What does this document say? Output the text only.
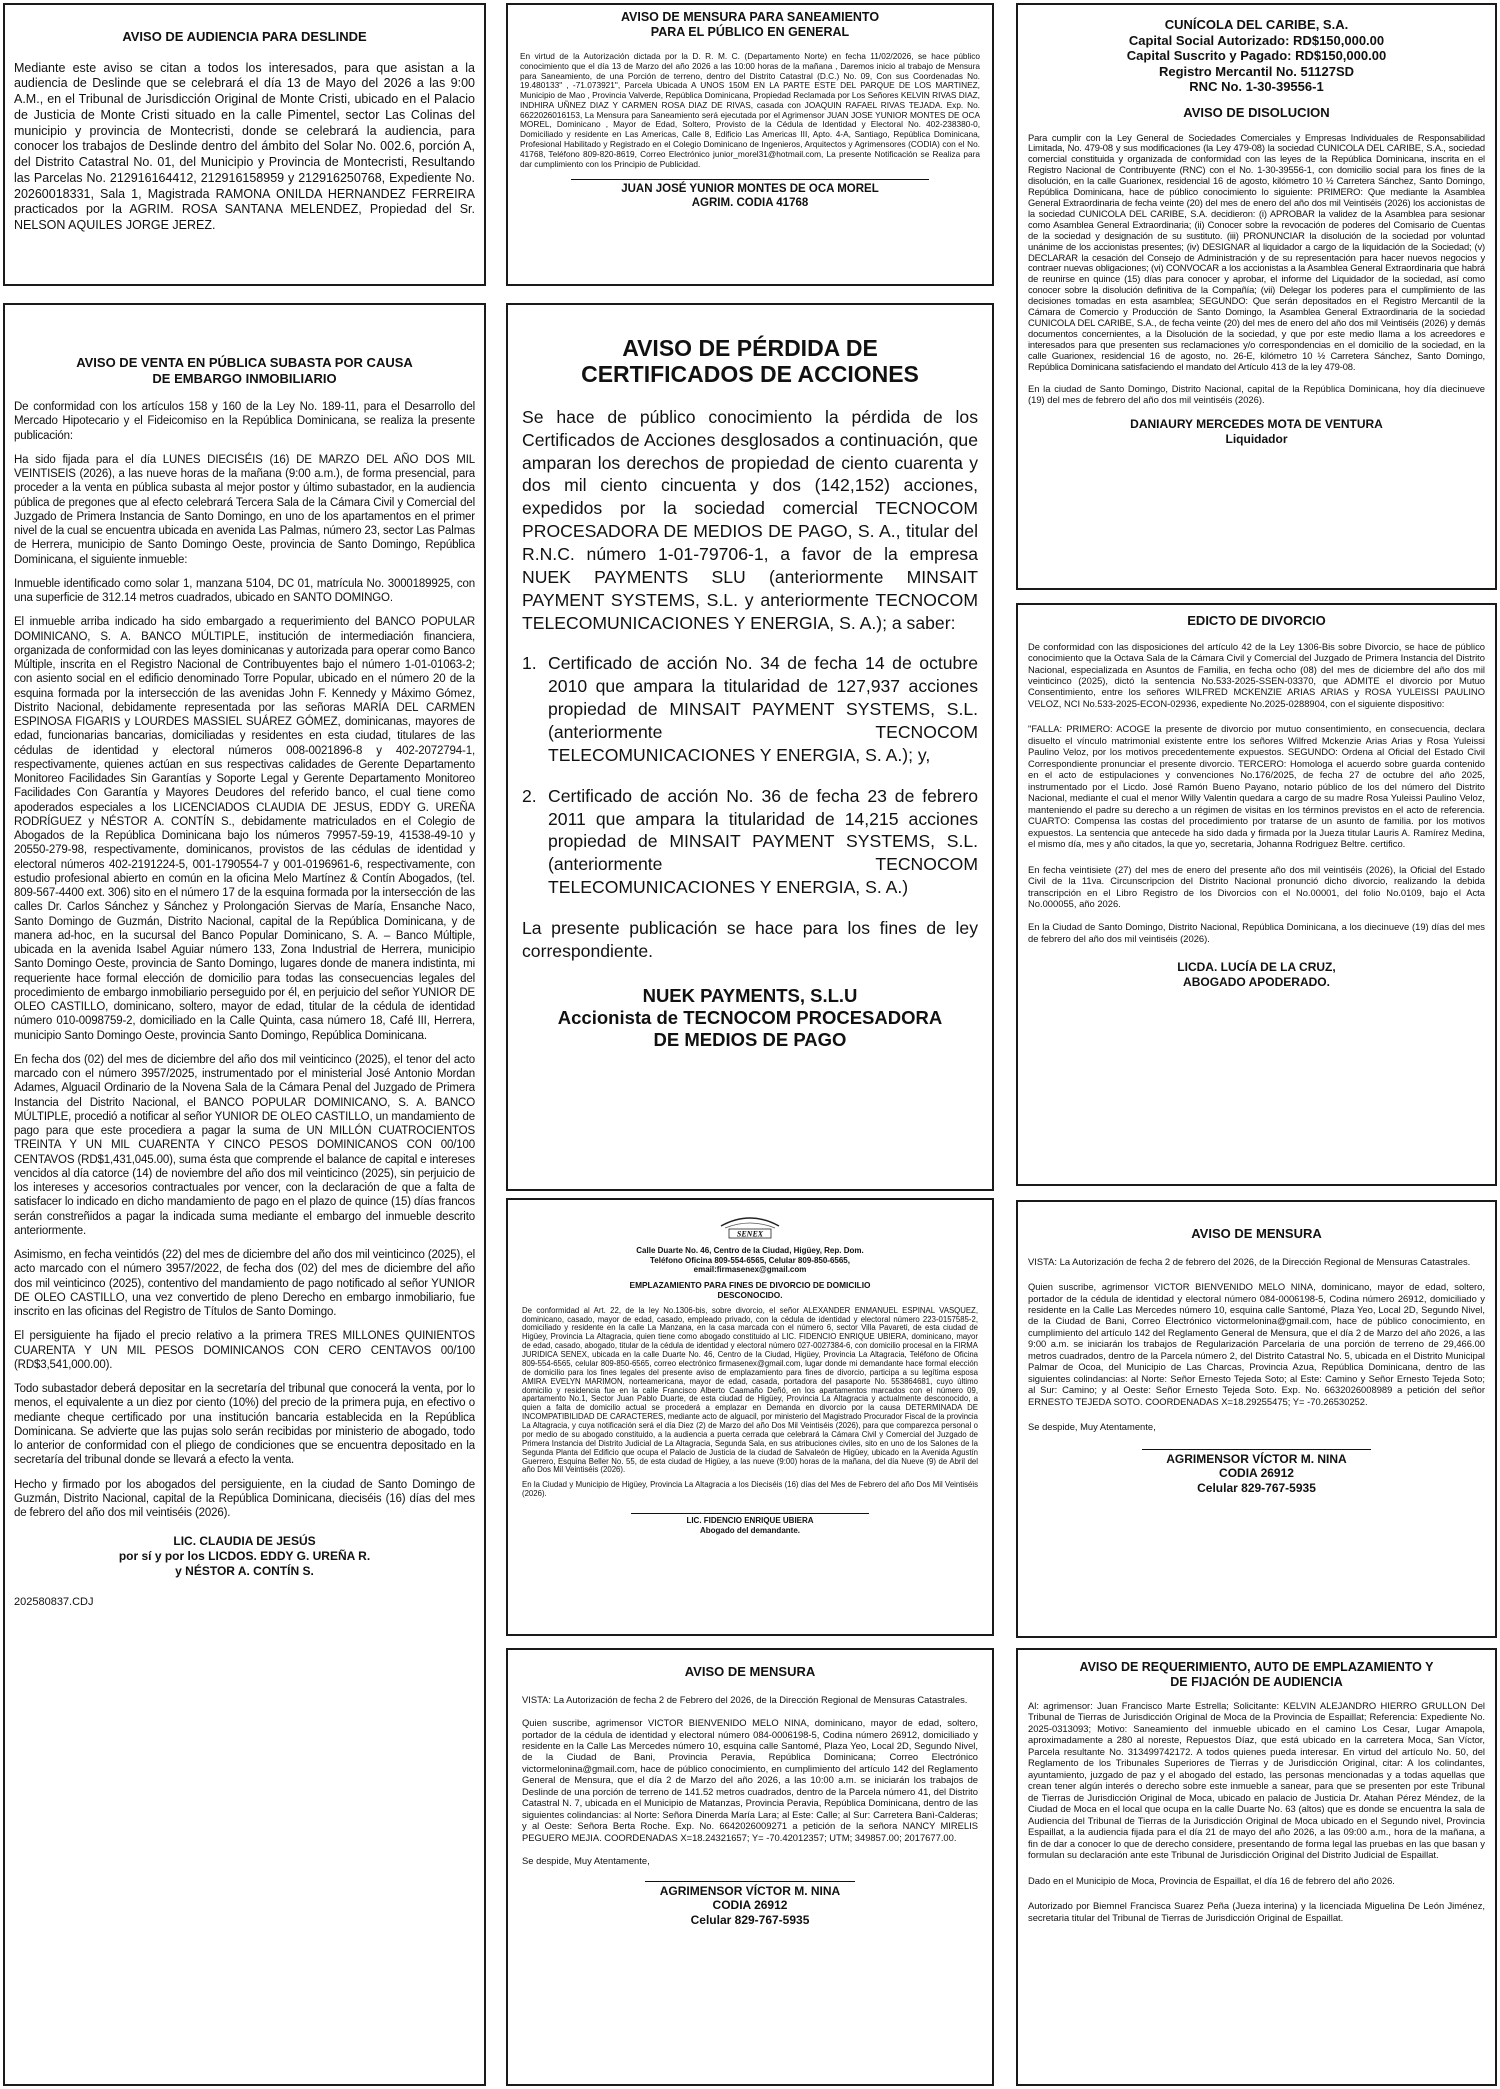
AVISO DE AUDIENCIA PARA DESLINDE
Mediante este aviso se citan a todos los interesados, para que asistan a la audiencia de Deslinde que se celebrará el día 13 de Mayo del 2026 a las 9:00 A.M., en el Tribunal de Jurisdicción Original de Monte Cristi, ubicado en el Palacio de Justicia de Monte Cristi situado en la calle Pimentel, sector Las Colinas del municipio y provincia de Montecristi, donde se celebrará la audiencia, para conocer los trabajos de Deslinde dentro del ámbito del Solar No. 002.6, porción A, del Distrito Catastral No. 01, del Municipio y Provincia de Montecristi, Resultando las Parcelas No. 212916164412, 212916158959 y 212916250768, Expediente No. 20260018331, Sala 1, Magistrada RAMONA ONILDA HERNANDEZ FERREIRA practicados por la AGRIM. ROSA SANTANA MELENDEZ, Propiedad del Sr. NELSON AQUILES JORGE JEREZ.
AVISO DE VENTA EN PÚBLICA SUBASTA POR CAUSA
DE EMBARGO INMOBILIARIO
De conformidad con los artículos 158 y 160 de la Ley No. 189-11, para el Desarrollo del Mercado Hipotecario y el Fideicomiso en la República Dominicana, se realiza la presente publicación:
Ha sido fijada para el día LUNES DIECISÉIS (16) DE MARZO DEL AÑO DOS MIL VEINTISEIS (2026), a las nueve horas de la mañana (9:00 a.m.), de forma presencial, para proceder a la venta en pública subasta al mejor postor y último subastador, en la audiencia pública de pregones que al efecto celebrará Tercera Sala de la Cámara Civil y Comercial del Juzgado de Primera Instancia de Santo Domingo, en uno de los apartamentos en el primer nivel de la cual se encuentra ubicada en avenida Las Palmas, número 23, sector Las Palmas de Herrera, municipio de Santo Domingo Oeste, provincia de Santo Domingo, República Dominicana, el siguiente inmueble:
Inmueble identificado como solar 1, manzana 5104, DC 01, matrícula No. 3000189925, con una superficie de 312.14 metros cuadrados, ubicado en SANTO DOMINGO.
El inmueble arriba indicado ha sido embargado a requerimiento del BANCO POPULAR DOMINICANO, S. A. BANCO MÚLTIPLE, institución de intermediación financiera, organizada de conformidad con las leyes dominicanas y autorizada para operar como Banco Múltiple, inscrita en el Registro Nacional de Contribuyentes bajo el número 1-01-01063-2; con asiento social en el edificio denominado Torre Popular, ubicado en el número 20 de la esquina formada por la intersección de las avenidas John F. Kennedy y Máximo Gómez, Distrito Nacional, debidamente representada por las señoras MARÍA DEL CARMEN ESPINOSA FIGARIS y LOURDES MASSIEL SUÁREZ GÓMEZ, dominicanas, mayores de edad, funcionarias bancarias, domiciliadas y residentes en esta ciudad, titulares de las cédulas de identidad y electoral números 008-0021896-8 y 402-2072794-1, respectivamente, quienes actúan en sus respectivas calidades de Gerente Departamento Monitoreo Facilidades Sin Garantías y Soporte Legal y Gerente Departamento Monitoreo Facilidades Con Garantía y Mayores Deudores del referido banco, el cual tiene como apoderados especiales a los LICENCIADOS CLAUDIA DE JESUS, EDDY G. UREÑA RODRÍGUEZ y NÉSTOR A. CONTÍN S., debidamente matriculados en el Colegio de Abogados de la República Dominicana bajo los números 79957-59-19, 41538-49-10 y 20550-279-98, respectivamente, dominicanos, provistos de las cédulas de identidad y electoral números 402-2191224-5, 001-1790554-7 y 001-0196961-6, respectivamente, con estudio profesional abierto en común en la oficina Melo Martínez & Contín Abogados, (tel. 809-567-4400 ext. 306) sito en el número 17 de la esquina formada por la intersección de las calles Dr. Carlos Sánchez y Sánchez y Prolongación Siervas de María, Ensanche Naco, Santo Domingo de Guzmán, Distrito Nacional, capital de la República Dominicana, y de manera ad-hoc, en la sucursal del Banco Popular Dominicano, S. A. – Banco Múltiple, ubicada en la avenida Isabel Aguiar número 133, Zona Industrial de Herrera, municipio Santo Domingo Oeste, provincia de Santo Domingo, lugares donde de manera indistinta, mi requeriente hace formal elección de domicilio para todas las consecuencias legales del procedimiento de embargo inmobiliario perseguido por él, en perjuicio del señor YUNIOR DE OLEO CASTILLO, dominicano, soltero, mayor de edad, titular de la cédula de identidad número 010-0098759-2, domiciliado en la Calle Quinta, casa número 18, Café III, Herrera, municipio Santo Domingo Oeste, provincia Santo Domingo, República Dominicana.
En fecha dos (02) del mes de diciembre del año dos mil veinticinco (2025), el tenor del acto marcado con el número 3957/2025, instrumentado por el ministerial José Antonio Mordan Adames, Alguacil Ordinario de la Novena Sala de la Cámara Penal del Juzgado de Primera Instancia del Distrito Nacional, el BANCO POPULAR DOMINICANO, S. A. BANCO MÚLTIPLE, procedió a notificar al señor YUNIOR DE OLEO CASTILLO, un mandamiento de pago para que este procediera a pagar la suma de UN MILLÓN CUATROCIENTOS TREINTA Y UN MIL CUARENTA Y CINCO PESOS DOMINICANOS CON 00/100 CENTAVOS (RD$1,431,045.00), suma ésta que comprende el balance de capital e intereses vencidos al día catorce (14) de noviembre del año dos mil veinticinco (2025), sin perjuicio de los intereses y accesorios contractuales por vencer, con la declaración de que a falta de satisfacer lo indicado en dicho mandamiento de pago en el plazo de quince (15) días francos serán constreñidos a pagar la indicada suma mediante el embargo del inmueble descrito anteriormente.
Asimismo, en fecha veintidós (22) del mes de diciembre del año dos mil veinticinco (2025), el acto marcado con el número 3957/2022, de fecha dos (02) del mes de diciembre del año dos mil veinticinco (2025), contentivo del mandamiento de pago notificado al señor YUNIOR DE OLEO CASTILLO, una vez convertido de pleno Derecho en embargo inmobiliario, fue inscrito en las oficinas del Registro de Títulos de Santo Domingo.
El persiguiente ha fijado el precio relativo a la primera TRES MILLONES QUINIENTOS CUARENTA Y UN MIL PESOS DOMINICANOS CON CERO CENTAVOS 00/100 (RD$3,541,000.00).
Todo subastador deberá depositar en la secretaría del tribunal que conocerá la venta, por lo menos, el equivalente a un diez por ciento (10%) del precio de la primera puja, en efectivo o mediante cheque certificado por una institución bancaria establecida en la República Dominicana. Se advierte que las pujas solo serán recibidas por ministerio de abogado, todo lo anterior de conformidad con el pliego de condiciones que se encuentra depositado en la secretaría del tribunal donde se llevará a efecto la venta.
Hecho y firmado por los abogados del persiguiente, en la ciudad de Santo Domingo de Guzmán, Distrito Nacional, capital de la República Dominicana, dieciséis (16) días del mes de febrero del año dos mil veintiséis (2026).
LIC. CLAUDIA DE JESÚS
por sí y por los LICDOS. EDDY G. UREÑA R.
y NÉSTOR A. CONTÍN S.
202580837.CDJ
AVISO DE MENSURA PARA SANEAMIENTO
PARA EL PÚBLICO EN GENERAL
En virtud de la Autorización dictada por la D. R. M. C. (Departamento Norte) en fecha 11/02/2026, se hace público conocimiento que el día 13 de Marzo del año 2026 a las 10:00 horas de la mañana , Daremos inicio al trabajo de Mensura para Saneamiento, de una Porción de terreno, dentro del Distrito Catastral (D.C.) No. 09, Con sus Coordenadas No. 19.480133" , -71.073921", Parcela Ubicada A UNOS 150M EN LA PARTE ESTE DEL PARQUE DE LOS MARTINEZ, Municipio de Mao , Provincia Valverde, República Dominicana, Propiedad Reclamada por Los Señores KELVIN RIVAS DIAZ, INDHIRA UÑNEZ DIAZ Y CARMEN ROSA DIAZ DE RIVAS, casada con JOAQUIN RAFAEL RIVAS TEJADA. Exp. No. 6622026016153, La Mensura para Saneamiento será ejecutada por el Agrimensor JUAN JOSE YUNIOR MONTES DE OCA MOREL, Dominicano , Mayor de Edad, Soltero, Provisto de la Cédula de Identidad y Electoral No. 402-238380-0, Domiciliado y residente en Las Americas, Calle 8, Edificio Las Americas III, Apto. 4-A, Santiago, República Dominicana, Profesional Habilitado y Registrado en el Colegio Dominicano de Ingenieros, Arquitectos y Agrimensores (CODIA) con el No. 41768, Teléfono 809-820-8619, Correo Electrónico junior_morel31@hotmail.com, La presente Notificación se Realiza para dar cumplimiento con los Principio de Publicidad.
JUAN JOSÉ YUNIOR MONTES DE OCA MOREL
AGRIM. CODIA 41768
AVISO DE PÉRDIDA DE
CERTIFICADOS DE ACCIONES
Se hace de público conocimiento la pérdida de los Certificados de Acciones desglosados a continuación, que amparan los derechos de propiedad de ciento cuarenta y dos mil ciento cincuenta y dos (142,152) acciones, expedidos por la sociedad comercial TECNOCOM PROCESADORA DE MEDIOS DE PAGO, S. A., titular del R.N.C. número 1-01-79706-1, a favor de la empresa NUEK PAYMENTS SLU (anteriormente MINSAIT PAYMENT SYSTEMS, S.L. y anteriormente TECNOCOM TELECOMUNICACIONES Y ENERGIA, S. A.); a saber:
1. Certificado de acción No. 34 de fecha 14 de octubre 2010 que ampara la titularidad de 127,937 acciones propiedad de MINSAIT PAYMENT SYSTEMS, S.L. (anteriormente TECNOCOM TELECOMUNICACIONES Y ENERGIA, S. A.); y,
2. Certificado de acción No. 36 de fecha 23 de febrero 2011 que ampara la titularidad de 14,215 acciones propiedad de MINSAIT PAYMENT SYSTEMS, S.L. (anteriormente TECNOCOM TELECOMUNICACIONES Y ENERGIA, S. A.)
La presente publicación se hace para los fines de ley correspondiente.
NUEK PAYMENTS, S.L.U
Accionista de TECNOCOM PROCESADORA
DE MEDIOS DE PAGO
SENEX
Calle Duarte No. 46, Centro de la Ciudad, Higüey, Rep. Dom.
Teléfono Oficina 809-554-6565, Celular 809-850-6565,
email:firmasenex@gmail.com
EMPLAZAMIENTO PARA FINES DE DIVORCIO DE DOMICILIO
DESCONOCIDO.
De conformidad al Art. 22, de la ley No.1306-bis, sobre divorcio, el señor ALEXANDER ENMANUEL ESPINAL VASQUEZ, dominicano, casado, mayor de edad, casado, empleado privado, con la cédula de identidad y electoral número 223-0157585-2, domiciliado y residente en la calle La Manzana, en la casa marcada con el número 6, sector Villa Pavareti, de esta ciudad de Higüey, Provincia La Altagracia, quien tiene como abogado constituido al LIC. FIDENCIO ENRIQUE UBIERA, dominicano, mayor de edad, casado, abogado, titular de la cédula de identidad y electoral número 027-0027384-6, con domicilio procesal en la FIRMA JURIDICA SENEX, ubicada en la calle Duarte No. 46, Centro de la Ciudad, Higüey, Provincia La Altagracia, Teléfono de Oficina 809-554-6565, celular 809-850-6565, correo electrónico firmasenex@gmail.com, lugar donde mi demandante hace formal elección de domicilio para los fines legales del presente aviso de emplazamiento para fines de divorcio, participa a su legítima esposa AMIRA EVELYN MARIMON, norteamericana, mayor de edad, casada, portadora del pasaporte No. 553864681, cuyo último domicilio y residencia fue en la calle Francisco Alberto Caamaño Deñó, en los apartamentos marcados con el número 09, apartamento No.1, Sector Juan Pablo Duarte, de esta ciudad de Higüey, Provincia La Altagracia y actualmente desconocido, a quien a falta de domicilio actual se procederá a emplazar en Demanda en divorcio por la causa DETERMINADA DE INCOMPATIBILIDAD DE CARACTERES, mediante acto de alguacil, por ministerio del Magistrado Procurador Fiscal de la provincia La Altagracia, y cuya notificación será el día Diez (2) de Marzo del año Dos Mil Veintiséis (2026), para que comparezca personal o por medio de su abogado constituido, a la audiencia a puerta cerrada que celebrará la Cámara Civil y Comercial del Juzgado de Primera Instancia del Distrito Judicial de La Altagracia, Segunda Sala, en sus atribuciones civiles, sito en uno de los Salones de la Segunda Planta del Edificio que ocupa el Palacio de Justicia de la ciudad de Salvaleón de Higüey, ubicado en la Avenida Agustín Guerrero, Esquina Beller No. 55, de esta ciudad de Higüey, a las nueve (9:00) horas de la mañana, del día Nueve (9) de Abril del año Dos Mil Veintiséis (2026).
En la Ciudad y Municipio de Higüey, Provincia La Altagracia a los Dieciséis (16) días del Mes de Febrero del año Dos Mil Veintiséis (2026).
LIC. FIDENCIO ENRIQUE UBIERA
Abogado del demandante.
AVISO DE MENSURA
VISTA: La Autorización de fecha 2 de Febrero del 2026, de la Dirección Regional de Mensuras Catastrales.
Quien suscribe, agrimensor VICTOR BIENVENIDO MELO NINA, dominicano, mayor de edad, soltero, portador de la cédula de identidad y electoral número 084-0006198-5, Codina número 26912, domiciliado y residente en la Calle Las Mercedes número 10, esquina calle Santomé, Plaza Yeo, Local 2D, Segundo Nivel, de la Ciudad de Bani, Provincia Peravia, República Dominicana; Correo Electrónico victormelonina@gmail.com, hace de público conocimiento, en cumplimiento del artículo 142 del Reglamento General de Mensura, que el día 2 de Marzo del año 2026, a las 10:00 a.m. se iniciarán los trabajos de Deslinde de una porción de terreno de 141.52 metros cuadrados, dentro de la Parcela número 41, del Distrito Catastral N. 7, ubicada en el Municipio de Matanzas, Provincia Peravia, República Dominicana, dentro de las siguientes colindancias: al Norte: Señora Dinerda María Lara; al Este: Calle; al Sur: Carretera Banì-Calderas; y al Oeste: Señora Berta Roche. Exp. No. 6642026009271 a petición de la señora NANCY MIRELIS PEGUERO MEJIA. COORDENADAS X=18.24321657; Y= -70.42012357; UTM; 349857.00; 2017677.00.
Se despide, Muy Atentamente,
AGRIMENSOR VÍCTOR M. NINA
CODIA 26912
Celular 829-767-5935
CUNÍCOLA DEL CARIBE, S.A.
Capital Social Autorizado: RD$150,000.00
Capital Suscrito y Pagado: RD$150,000.00
Registro Mercantil No. 51127SD
RNC No. 1-30-39556-1
AVISO DE DISOLUCION
Para cumplir con la Ley General de Sociedades Comerciales y Empresas Individuales de Responsabilidad Limitada, No. 479-08 y sus modificaciones (la Ley 479-08) la sociedad CUNICOLA DEL CARIBE, S.A., sociedad comercial constituida y organizada de conformidad con las leyes de la República Dominicana, inscrita en el Registro Nacional de Contribuyente (RNC) con el No. 1-30-39556-1, con domicilio social para los fines de la disolución, en la calle Guarionex, residencial 16 de agosto, kilómetro 10 ½ Carretera Sánchez, Santo Domingo, República Dominicana, hace de público conocimiento lo siguiente: PRIMERO: Que mediante la Asamblea General Extraordinaria de fecha veinte (20) del mes de enero del año dos mil Veintiséis (2026) los accionistas de la sociedad CUNICOLA DEL CARIBE, S.A. decidieron: (i) APROBAR la validez de la Asamblea para sesionar como Asamblea General Extraordinaria; (ii) Conocer sobre la revocación de poderes del Comisario de Cuentas de la sociedad y designación de su sustituto. (iii) PRONUNCIAR la disolución de la sociedad por voluntad unánime de los accionistas presentes; (iv) DESIGNAR al liquidador a cargo de la liquidación de la Sociedad; (v) DECLARAR la cesación del Consejo de Administración y de su representación para hacer nuevos negocios y contraer nuevas obligaciones; (vi) CONVOCAR a los accionistas a la Asamblea General Extraordinaria que habrá de reunirse en quince (15) días para conocer y aprobar, el informe del Liquidador de la sociedad, así como conocer sobre la disolución definitiva de la Compañía; (vii) Delegar los poderes para el cumplimiento de las decisiones tomadas en esta asamblea; SEGUNDO: Que serán depositados en el Registro Mercantil de la Cámara de Comercio y Producción de Santo Domingo, la Asamblea General Extraordinaria de la sociedad CUNICOLA DEL CARIBE, S.A., de fecha veinte (20) del mes de enero del año dos mil Veintiséis (2026) y demás documentos concernientes, a la Disolución de la sociedad, y que por este medio llama a los acreedores e interesados para que presenten sus reclamaciones y/o correspondencias en el domicilio de la sociedad, en la calle Guarionex, residencial 16 de agosto, no. 26-E, kilómetro 10 ½ Carretera Sánchez, Santo Domingo, República Dominicana satisfaciendo el mandato del Artículo 413 de la ley 479-08.
En la ciudad de Santo Domingo, Distrito Nacional, capital de la República Dominicana, hoy día diecinueve (19) del mes de febrero del año dos mil veintiséis (2026).
DANIAURY MERCEDES MOTA DE VENTURA
Liquidador
EDICTO DE DIVORCIO
De conformidad con las disposiciones del artículo 42 de la Ley 1306-Bis sobre Divorcio, se hace de público conocimiento que la Octava Sala de la Cámara Civil y Comercial del Juzgado de Primera Instancia del Distrito Nacional, especializada en Asuntos de Familia, en fecha ocho (08) del mes de diciembre del año dos mil veinticinco (2025), dictó la sentencia No.533-2025-SSEN-03370, que ADMITE el divorcio por Mutuo Consentimiento, entre los señores WILFRED MCKENZIE ARIAS ARIAS y ROSA YULEISSI PAULINO VELOZ, NCI No.533-2025-ECON-02936, expediente No.2025-0288904, con el siguiente dispositivo:
"FALLA: PRIMERO: ACOGE la presente de divorcio por mutuo consentimiento, en consecuencia, declara disuelto el vínculo matrimonial existente entre los señores Wilfred Mckenzie Arias Arias y Rosa Yuleissi Paulino Veloz, por los motivos precedentemente expuestos. SEGUNDO: Ordena al Oficial del Estado Civil Correspondiente pronunciar el presente divorcio. TERCERO: Homologa el acuerdo sobre guarda contenido en el acto de estipulaciones y convenciones No.176/2025, de fecha 27 de octubre del año 2025, instrumentado por el Licdo. José Ramón Bueno Payano, notario público de los del número del Distrito Nacional, mediante el cual el menor Willy Valentin quedara a cargo de su madre Rosa Yuleissi Paulino Veloz, manteniendo el padre su derecho a un régimen de visitas en los términos previstos en el acto de referencia. CUARTO: Compensa las costas del procedimiento por tratarse de un asunto de familia. por los motivos expuestos. La sentencia que antecede ha sido dada y firmada por la Jueza titular Lauris A. Ramírez Medina, el mismo día, mes y año citados, la que yo, secretaria, Johanna Rodriguez Beltre. certifico.
En fecha veintisiete (27) del mes de enero del presente año dos mil veintiséis (2026), la Oficial del Estado Civil de la 11va. Circunscripcion del Distrito Nacional pronunció dicho divorcio, realizando la debida transcripción en el Libro Registro de los Divorcios con el No.00001, del folio No.0109, bajo el Acta No.000055, año 2026.
En la Ciudad de Santo Domingo, Distrito Nacional, República Dominicana, a los diecinueve (19) días del mes de febrero del año dos mil veintiséis (2026).
LICDA. LUCÍA DE LA CRUZ,
ABOGADO APODERADO.
AVISO DE MENSURA
VISTA: La Autorización de fecha 2 de febrero del 2026, de la Dirección Regional de Mensuras Catastrales.
Quien suscribe, agrimensor VICTOR BIENVENIDO MELO NINA, dominicano, mayor de edad, soltero, portador de la cédula de identidad y electoral número 084-0006198-5, Codina número 26912, domiciliado y residente en la Calle Las Mercedes número 10, esquina calle Santomé, Plaza Yeo, Local 2D, Segundo Nivel, de la Ciudad de Bani, Correo Electrónico victormelonina@gmail.com, hace de público conocimiento, en cumplimiento del artículo 142 del Reglamento General de Mensura, que el día 2 de Marzo del año 2026, a las 9:00 a.m. se iniciarán los trabajos de Regularización Parcelaria de una porción de terreno de 29,466.00 metros cuadrados, dentro de la Parcela número 2, del Distrito Catastral No. 5, ubicada en el Distrito Municipal Palmar de Ocoa, del Municipio de Las Charcas, Provincia Azua, República Dominicana, dentro de las siguientes colindancias: al Norte: Señor Ernesto Tejeda Soto; al Este: Camino y Señor Ernesto Tejeda Soto; al Sur: Camino; y al Oeste: Señor Ernesto Tejeda Soto. Exp. No. 6632026008989 a petición del señor ERNESTO TEJEDA SOTO. COORDENADAS X=18.29255475; Y= -70.26530252.
Se despide, Muy Atentamente,
AGRIMENSOR VÍCTOR M. NINA
CODIA 26912
Celular 829-767-5935
AVISO DE REQUERIMIENTO, AUTO DE EMPLAZAMIENTO Y
DE FIJACIÓN DE AUDIENCIA
Al: agrimensor: Juan Francisco Marte Estrella; Solicitante: KELVIN ALEJANDRO HIERRO GRULLON Del Tribunal de Tierras de Jurisdicción Original de Moca de la Provincia de Espaillat; Referencia: Expediente No. 2025-0313093; Motivo: Saneamiento del inmueble ubicado en el camino Los Cesar, Lugar Amapola, aproximadamente a 280 al noreste, Repuestos Díaz, que está ubicado en la carretera Moca, San Víctor, Parcela resultante No. 313499742172. A todos quienes pueda interesar. En virtud del artículo No. 50, del Reglamento de los Tribunales Superiores de Tierras y de Jurisdicción Original, citar: A los colindantes, ayuntamiento, juzgado de paz y el abogado del estado, las personas mencionadas y a todas aquellas que crean tener algún interés o derecho sobre este inmueble a sanear, para que se presenten por este Tribunal de Tierras de Jurisdicción Original de Moca, ubicado en palacio de Justicia Dr. Atahan Pérez Méndez, de la Ciudad de Moca en el local que ocupa en la calle Duarte No. 63 (altos) que es donde se encuentra la sala de Audiencia del Tribunal de Tierras de la Jurisdicción Original de Moca ubicado en el Segundo nivel, Provincia Espaillat, a la audiencia fijada para el día 21 de mayo del año 2026, a las 09:00 a.m., hora de la mañana, a fin de dar a conocer lo que de derecho considere, presentando de forma legal las pruebas en las que basan y formulan su declaración ante este Tribunal de Jurisdicción Original del Distrito Judicial de Espaillat.
Dado en el Municipio de Moca, Provincia de Espaillat, el día 16 de febrero del año 2026.
Autorizado por Biemnel Francisca Suarez Peña (Jueza interina) y la licenciada Miguelina De León Jiménez, secretaria titular del Tribunal de Tierras de Jurisdicción Original de Espaillat.
